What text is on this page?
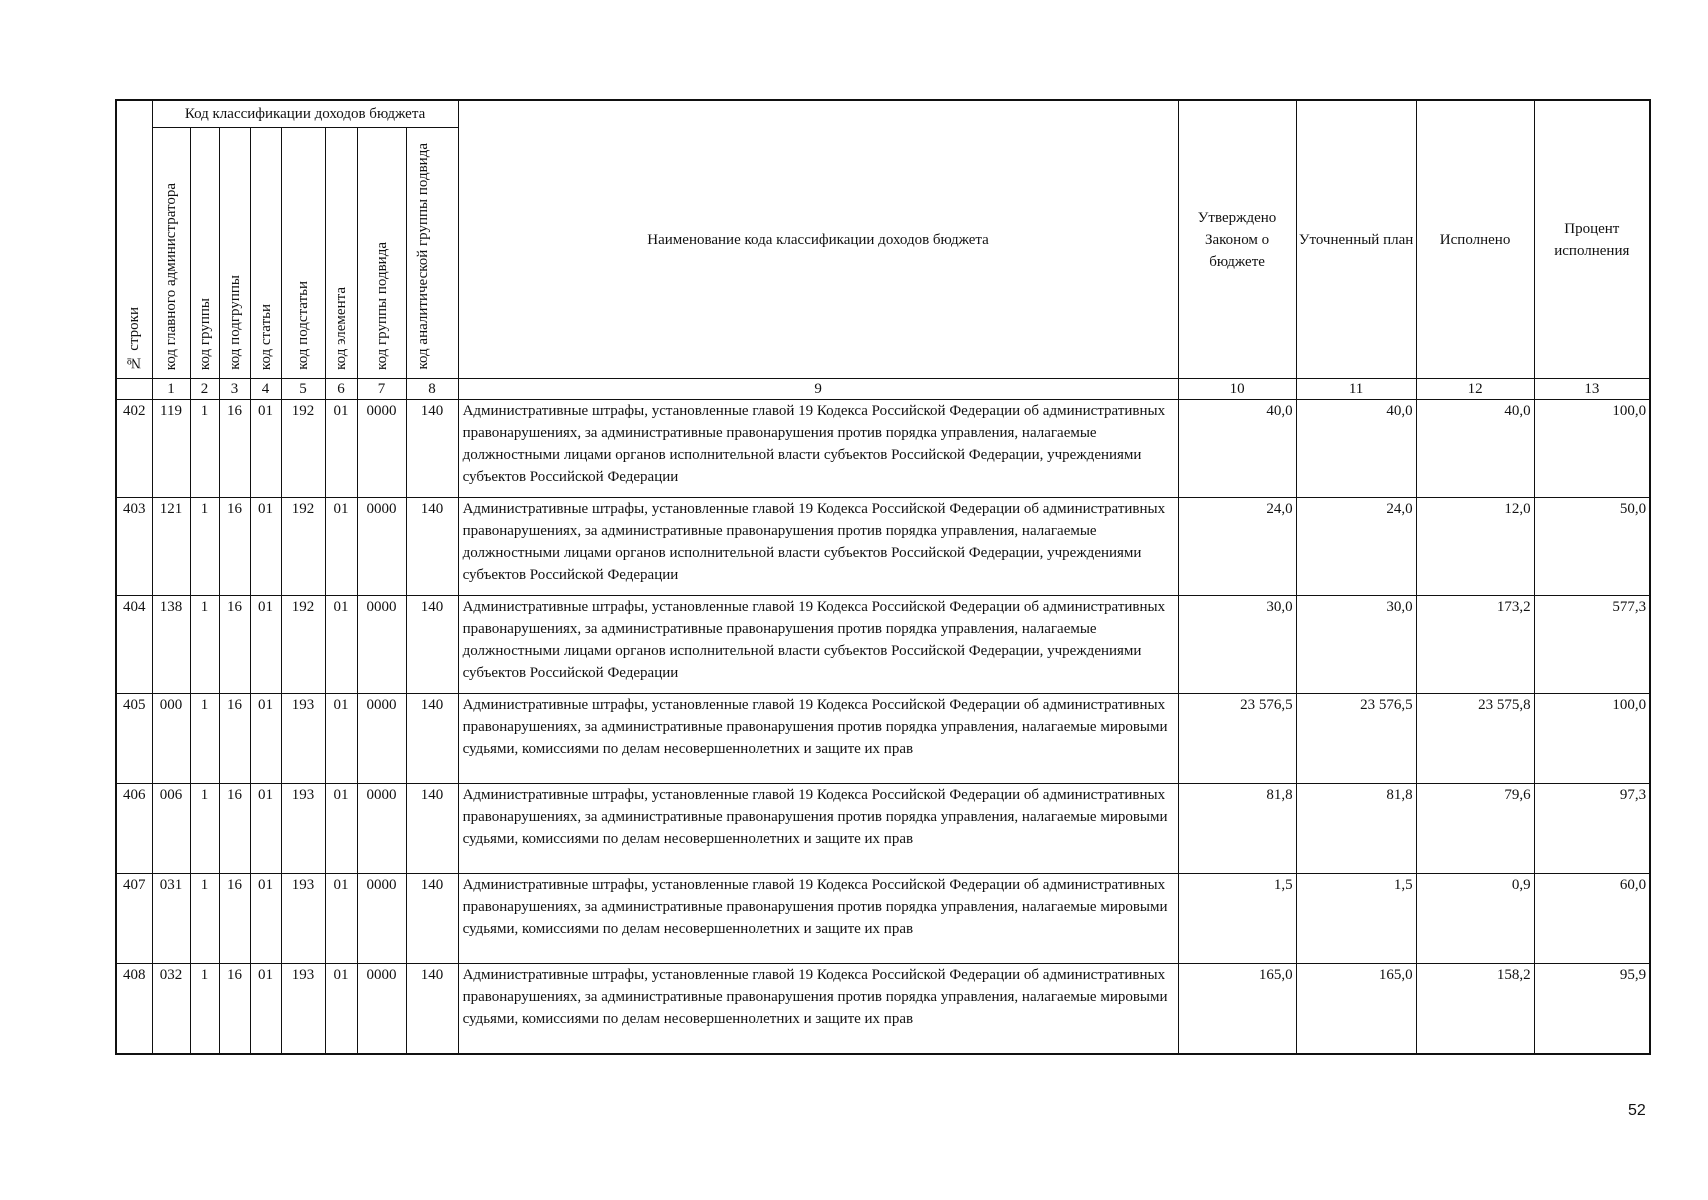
№ строки	Код классификации доходов бюджета								Наименование кода классификации доходов бюджета	Утверждено Законом о бюджете	Уточненный план	Исполнено	Процент исполнения

	код главного администратора	код группы	код подгруппы	код статьи	код подстатьи	код элемента	код группы подвида	код аналитической группы подвида					

	1	2	3	4	5	6	7	8	9	10	11	12	13
402	119	1	16	01	192	01	0000	140	Административные штрафы, установленные главой 19 Кодекса Российской Федерации об административных правонарушениях, за административные правонарушения против порядка управления, налагаемые должностными лицами органов исполнительной власти субъектов Российской Федерации, учреждениями субъектов Российской Федерации	40,0	40,0	40,0	100,0
403	121	1	16	01	192	01	0000	140	Административные штрафы, установленные главой 19 Кодекса Российской Федерации об административных правонарушениях, за административные правонарушения против порядка управления, налагаемые должностными лицами органов исполнительной власти субъектов Российской Федерации, учреждениями субъектов Российской Федерации	24,0	24,0	12,0	50,0
404	138	1	16	01	192	01	0000	140	Административные штрафы, установленные главой 19 Кодекса Российской Федерации об административных правонарушениях, за административные правонарушения против порядка управления, налагаемые должностными лицами органов исполнительной власти субъектов Российской Федерации, учреждениями субъектов Российской Федерации	30,0	30,0	173,2	577,3
405	000	1	16	01	193	01	0000	140	Административные штрафы, установленные главой 19 Кодекса Российской Федерации об административных правонарушениях, за административные правонарушения против порядка управления, налагаемые мировыми судьями, комиссиями по делам несовершеннолетних и защите их прав	23 576,5	23 576,5	23 575,8	100,0
406	006	1	16	01	193	01	0000	140	Административные штрафы, установленные главой 19 Кодекса Российской Федерации об административных правонарушениях, за административные правонарушения против порядка управления, налагаемые мировыми судьями, комиссиями по делам несовершеннолетних и защите их прав	81,8	81,8	79,6	97,3
407	031	1	16	01	193	01	0000	140	Административные штрафы, установленные главой 19 Кодекса Российской Федерации об административных правонарушениях, за административные правонарушения против порядка управления, налагаемые мировыми судьями, комиссиями по делам несовершеннолетних и защите их прав	1,5	1,5	0,9	60,0
408	032	1	16	01	193	01	0000	140	Административные штрафы, установленные главой 19 Кодекса Российской Федерации об административных правонарушениях, за административные правонарушения против порядка управления, налагаемые мировыми судьями, комиссиями по делам несовершеннолетних и защите их прав	165,0	165,0	158,2	95,9
52
